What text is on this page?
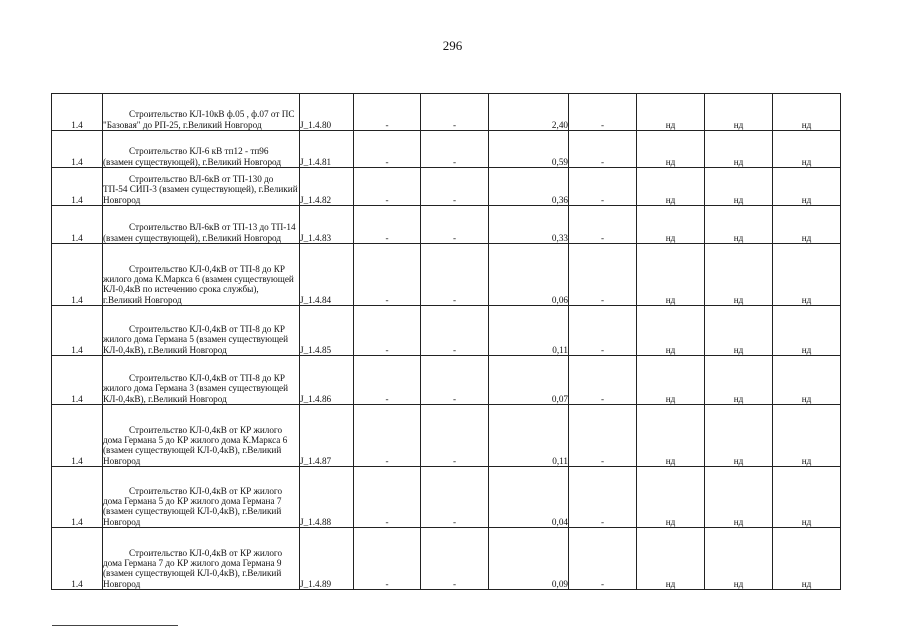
296
1.4	Строительство КЛ-10кВ ф.05 , ф.07 от ПС "Базовая" до РП-25, г.Великий Новгород	J_1.4.80	-	-	2,40	-	нд	нд	нд
1.4	Строительство КЛ-6 кВ тп12 - тп96 (взамен существующей), г.Великий Новгород	J_1.4.81	-	-	0,59	-	нд	нд	нд
1.4	Строительство ВЛ-6кВ от ТП-130 до ТП-54 СИП-3 (взамен существующей), г.Великий Новгород	J_1.4.82	-	-	0,36	-	нд	нд	нд
1.4	Строительство ВЛ-6кВ от ТП-13 до ТП-14 (взамен существующей), г.Великий Новгород	J_1.4.83	-	-	0,33	-	нд	нд	нд
1.4	Строительство КЛ-0,4кВ от ТП-8 до КР жилого дома К.Маркса 6 (взамен существующей КЛ-0,4кВ по истечению срока службы), г.Великий Новгород	J_1.4.84	-	-	0,06	-	нд	нд	нд
1.4	Строительство КЛ-0,4кВ от ТП-8 до КР жилого дома Германа 5 (взамен существующей КЛ-0,4кВ), г.Великий Новгород	J_1.4.85	-	-	0,11	-	нд	нд	нд
1.4	Строительство КЛ-0,4кВ от ТП-8 до КР жилого дома Германа 3 (взамен существующей КЛ-0,4кВ), г.Великий Новгород	J_1.4.86	-	-	0,07	-	нд	нд	нд
1.4	Строительство КЛ-0,4кВ от КР жилого дома Германа 5 до КР жилого дома К.Маркса 6 (взамен существующей КЛ-0,4кВ), г.Великий Новгород	J_1.4.87	-	-	0,11	-	нд	нд	нд
1.4	Строительство КЛ-0,4кВ от КР жилого дома Германа 5 до КР жилого дома Германа 7 (взамен существующей КЛ-0,4кВ), г.Великий Новгород	J_1.4.88	-	-	0,04	-	нд	нд	нд
1.4	Строительство КЛ-0,4кВ от КР жилого дома Германа 7 до КР жилого дома Германа 9 (взамен существующей КЛ-0,4кВ), г.Великий Новгород	J_1.4.89	-	-	0,09	-	нд	нд	нд
